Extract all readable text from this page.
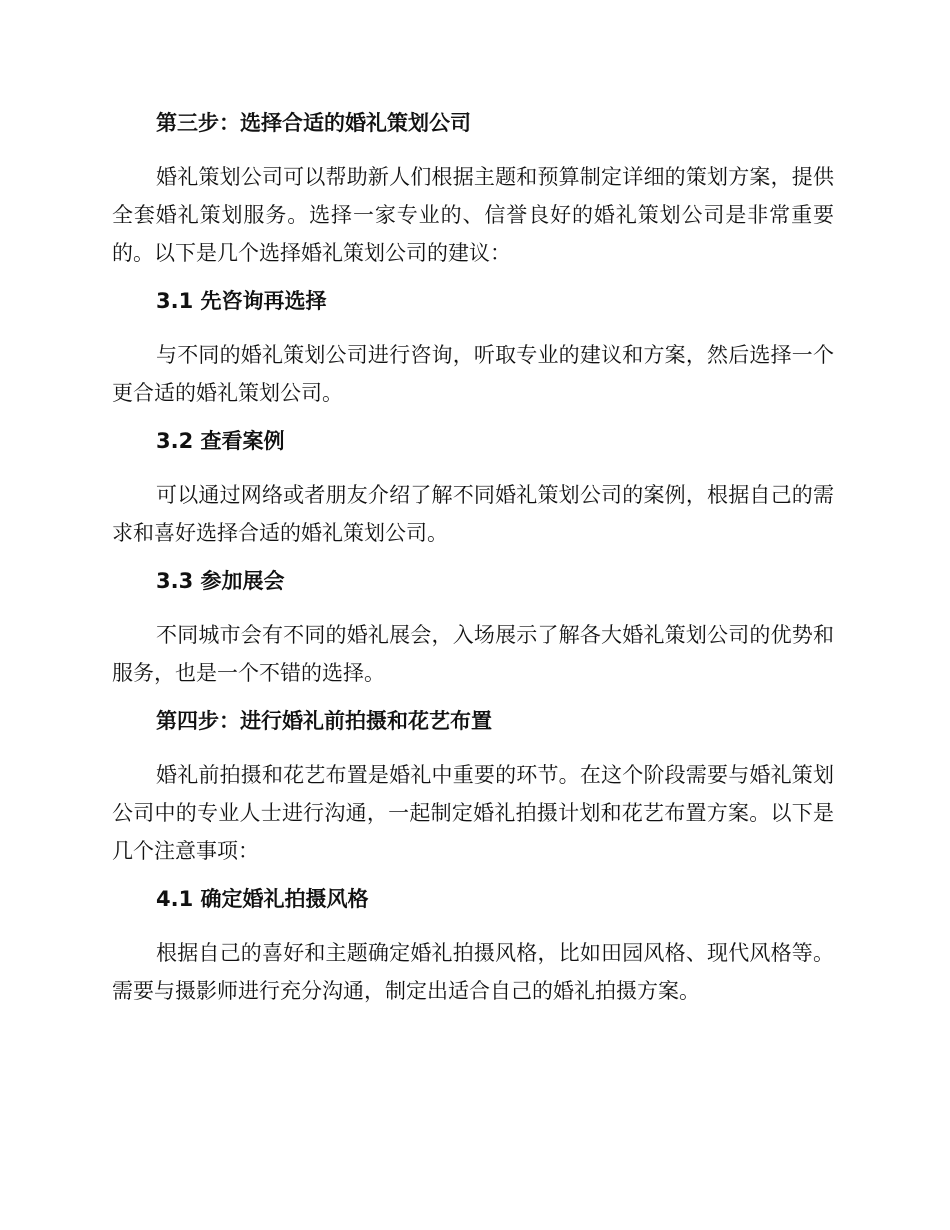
第三步：选择合适的婚礼策划公司

婚礼策划公司可以帮助新人们根据主题和预算制定详细的策划方案，提供全套婚礼策划服务。选择一家专业的、信誉良好的婚礼策划公司是非常重要的。以下是几个选择婚礼策划公司的建议：

3.1 先咨询再选择

与不同的婚礼策划公司进行咨询，听取专业的建议和方案，然后选择一个更合适的婚礼策划公司。

3.2 查看案例

可以通过网络或者朋友介绍了解不同婚礼策划公司的案例，根据自己的需求和喜好选择合适的婚礼策划公司。

3.3 参加展会

不同城市会有不同的婚礼展会，入场展示了解各大婚礼策划公司的优势和服务，也是一个不错的选择。

第四步：进行婚礼前拍摄和花艺布置

婚礼前拍摄和花艺布置是婚礼中重要的环节。在这个阶段需要与婚礼策划公司中的专业人士进行沟通，一起制定婚礼拍摄计划和花艺布置方案。以下是几个注意事项：

4.1 确定婚礼拍摄风格

根据自己的喜好和主题确定婚礼拍摄风格，比如田园风格、现代风格等。需要与摄影师进行充分沟通，制定出适合自己的婚礼拍摄方案。
